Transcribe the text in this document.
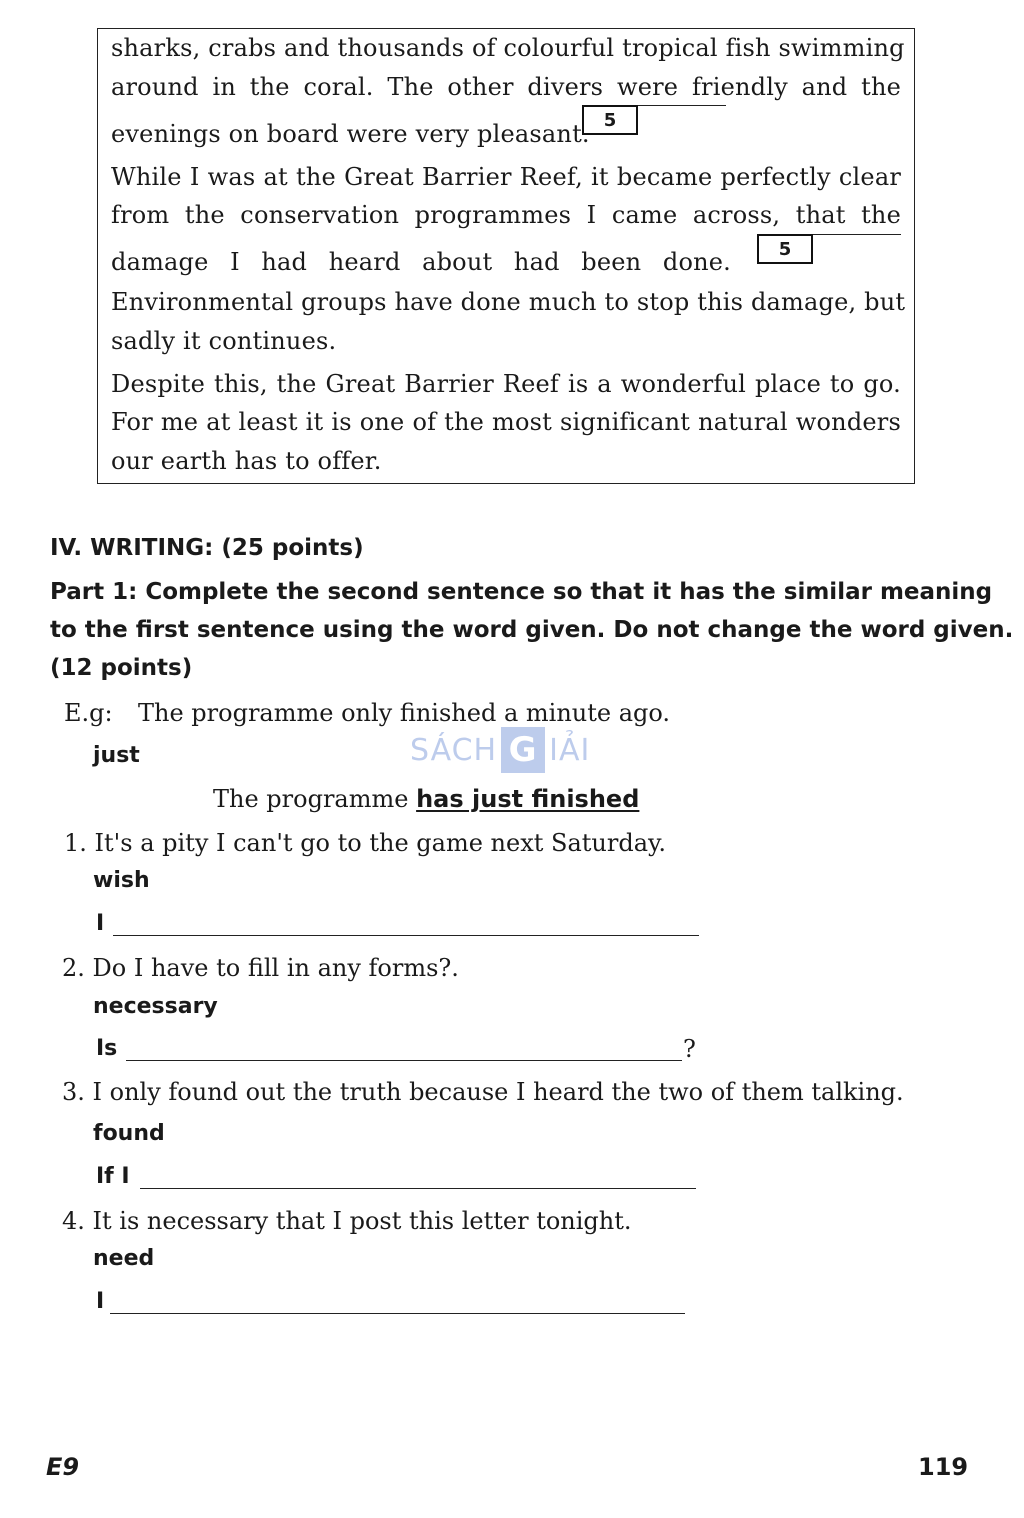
sharks, crabs and thousands of colourful tropical fish swimming
around in the coral. The other divers were friendly and the
evenings on board were very pleasant. 5
While I was at the Great Barrier Reef, it became perfectly clear
from the conservation programmes I came across, that the
damage I had heard about had been done.	5
Environmental groups have done much to stop this damage, but
sadly it continues.
Despite this, the Great Barrier Reef is a wonderful place to go.
For me at least it is one of the most significant natural wonders
our earth has to offer.
IV. WRITING: (25 points)
Part 1: Complete the second sentence so that it has the similar meaning
to the first sentence using the word given. Do not change the word given.
(12 points)
E.g: The programme only finished a minute ago.
just
The programme has just finished
1. It's a pity I can't go to the game next Saturday.
wish
I
2. Do I have to fill in any forms?.
necessary
Is	?
3. I only found out the truth because I heard the two of them talking.
found
If I
4. It is necessary that I post this letter tonight.
need
I
SÁCH G IẢI
E9	119
